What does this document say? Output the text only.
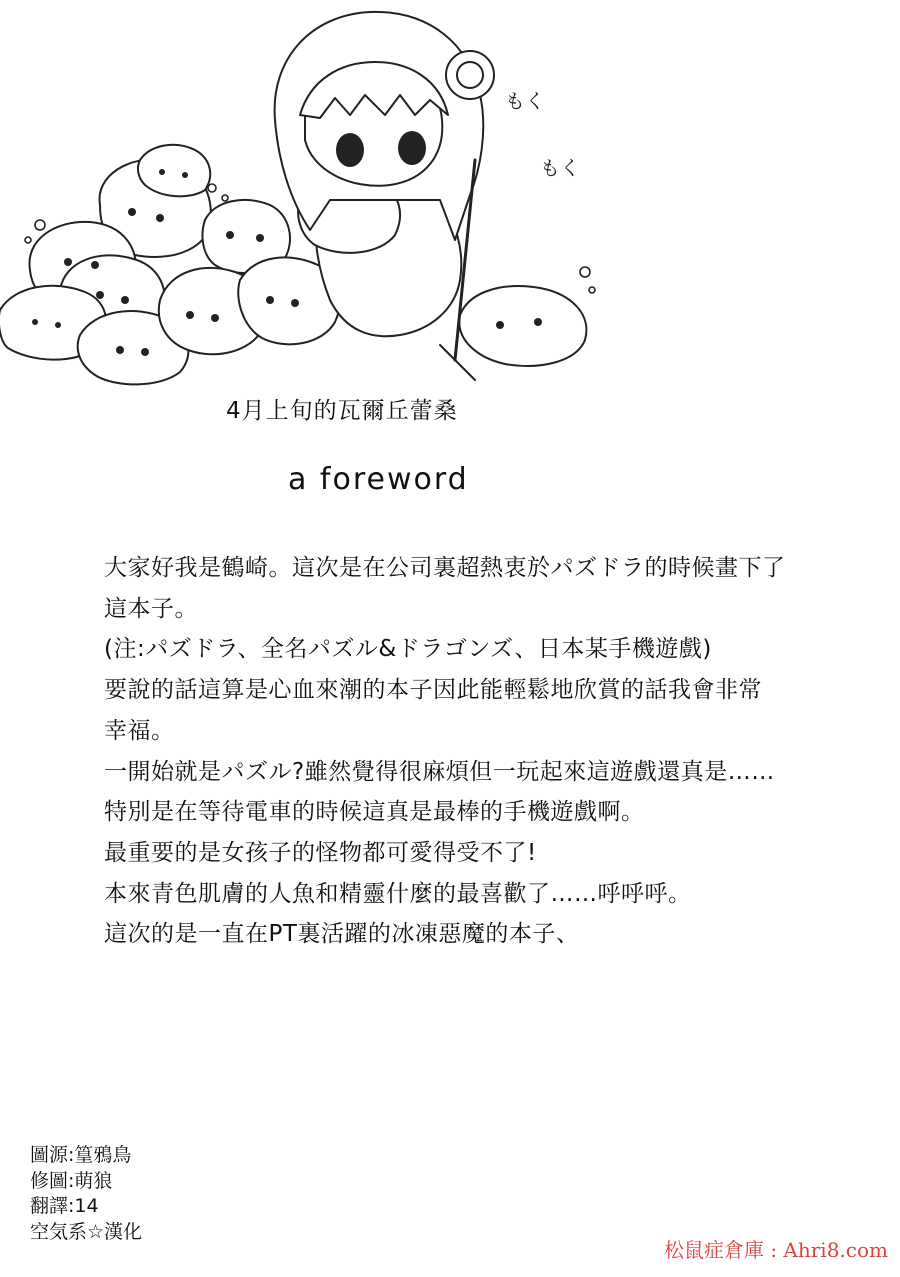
もく
もく
4月上旬的瓦爾丘蕾桑
a foreword
大家好我是鶴崎。這次是在公司裏超熱衷於パズドラ的時候畫下了
這本子。
(注:パズドラ、全名パズル&ドラゴンズ、日本某手機遊戲)
要說的話這算是心血來潮的本子因此能輕鬆地欣賞的話我會非常
幸福。
一開始就是パズル?雖然覺得很麻煩但一玩起來這遊戲還真是……
特別是在等待電車的時候這真是最棒的手機遊戲啊。
最重要的是女孩子的怪物都可愛得受不了!
本來青色肌膚的人魚和精靈什麼的最喜歡了……呼呼呼。
這次的是一直在PT裏活躍的冰凍惡魔的本子、
圖源:篁鴉鳥
修圖:萌狼
翻譯:14
空気系☆漢化
松鼠症倉庫 : Ahri8.com
